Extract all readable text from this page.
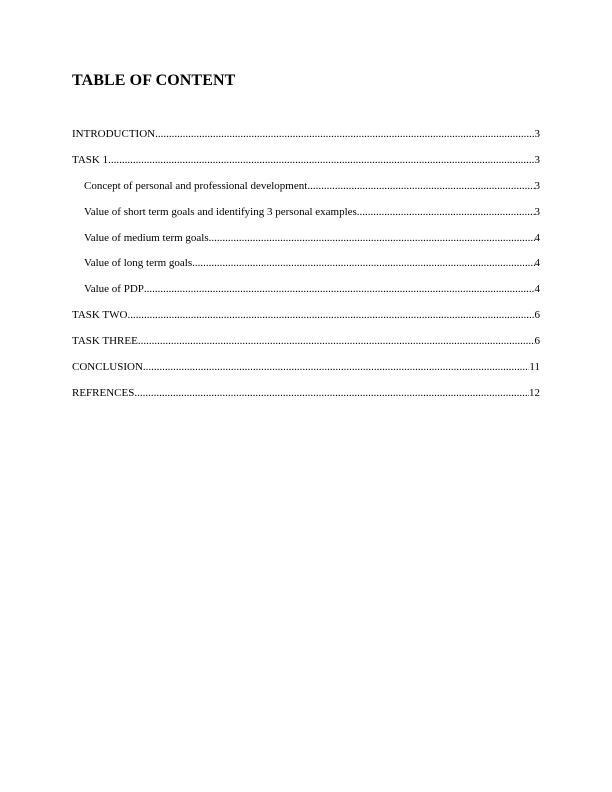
TABLE OF CONTENT
INTRODUCTION .....	3
TASK 1 .....	3
Concept of personal and professional development .....	3
Value of short term goals and identifying 3 personal examples .....	3
Value of medium term goals .....	4
Value of long term goals .....	4
Value of PDP .....	4
TASK TWO .....	6
TASK THREE .....	6
CONCLUSION .....	11
REFRENCES .....	12
